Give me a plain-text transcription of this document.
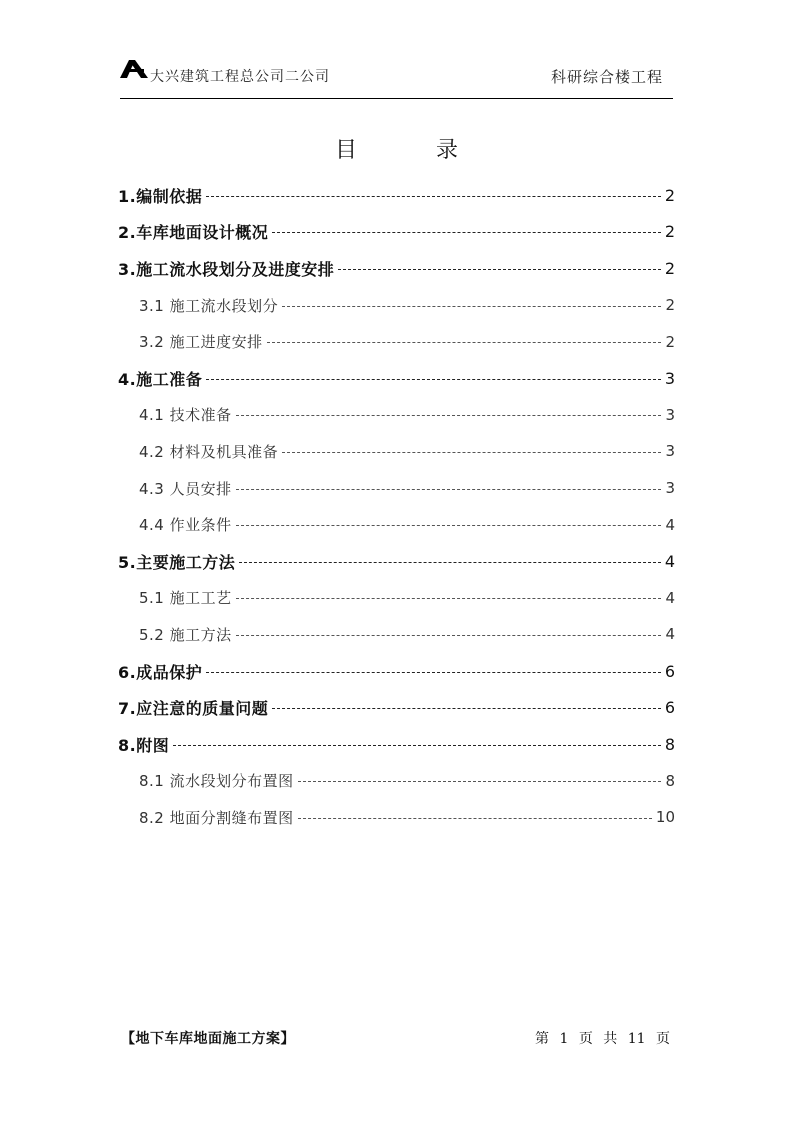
大兴建筑工程总公司二公司	科研综合楼工程
目 录
1.编制依据	2
2.车库地面设计概况	2
3.施工流水段划分及进度安排	2
3.1 施工流水段划分	2
3.2 施工进度安排	2
4.施工准备	3
4.1 技术准备	3
4.2 材料及机具准备	3
4.3 人员安排	3
4.4 作业条件	4
5.主要施工方法	4
5.1 施工工艺	4
5.2 施工方法	4
6.成品保护	6
7.应注意的质量问题	6
8.附图	8
8.1 流水段划分布置图	8
8.2 地面分割缝布置图	10
【地下车库地面施工方案】	第 1 页 共 11 页
